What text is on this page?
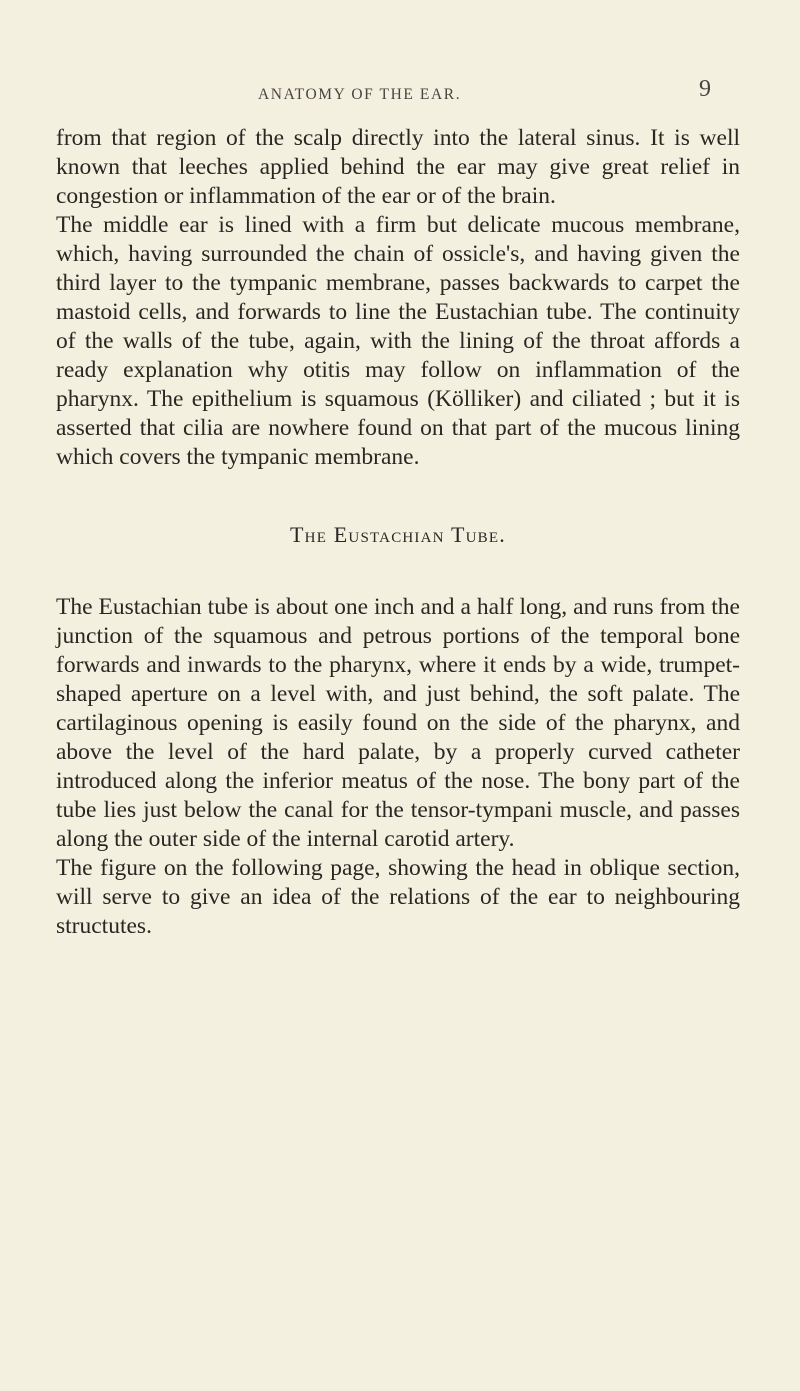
ANATOMY OF THE EAR.	9

from that region of the scalp directly into the lateral sinus. It is well known that leeches applied behind the ear may give great relief in congestion or inflammation of the ear or of the brain.

The middle ear is lined with a firm but delicate mucous membrane, which, having surrounded the chain of ossicle's, and having given the third layer to the tympanic membrane, passes backwards to carpet the mastoid cells, and forwards to line the Eustachian tube. The continuity of the walls of the tube, again, with the lining of the throat affords a ready explanation why otitis may follow on inflammation of the pharynx. The epithelium is squamous (Kölliker) and ciliated ; but it is asserted that cilia are nowhere found on that part of the mucous lining which covers the tympanic membrane.

The Eustachian Tube.

The Eustachian tube is about one inch and a half long, and runs from the junction of the squamous and petrous portions of the temporal bone forwards and inwards to the pharynx, where it ends by a wide, trumpet-shaped aperture on a level with, and just behind, the soft palate. The cartilaginous opening is easily found on the side of the pharynx, and above the level of the hard palate, by a properly curved catheter introduced along the inferior meatus of the nose. The bony part of the tube lies just below the canal for the tensor-tympani muscle, and passes along the outer side of the internal carotid artery.

The figure on the following page, showing the head in oblique section, will serve to give an idea of the relations of the ear to neighbouring structutes.
